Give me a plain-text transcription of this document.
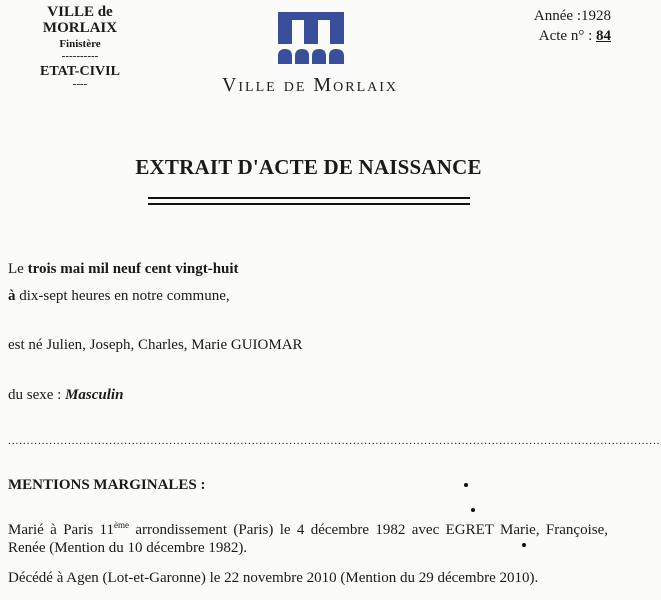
VILLE de MORLAIX
Finistère
----------
ETAT-CIVIL
----
Année :1928
Acte n° : 84
Ville de Morlaix
EXTRAIT D'ACTE DE NAISSANCE
Le trois mai mil neuf cent vingt-huit
à dix-sept heures en notre commune,
est né Julien, Joseph, Charles, Marie GUIOMAR
du sexe : Masculin
..............................................................................................................................................................................
MENTIONS MARGINALES :
Marié à Paris 11ème arrondissement (Paris) le 4 décembre 1982 avec EGRET Marie, Françoise, Renée (Mention du 10 décembre 1982).
Décédé à Agen (Lot-et-Garonne) le 22 novembre 2010 (Mention du 29 décembre 2010).
